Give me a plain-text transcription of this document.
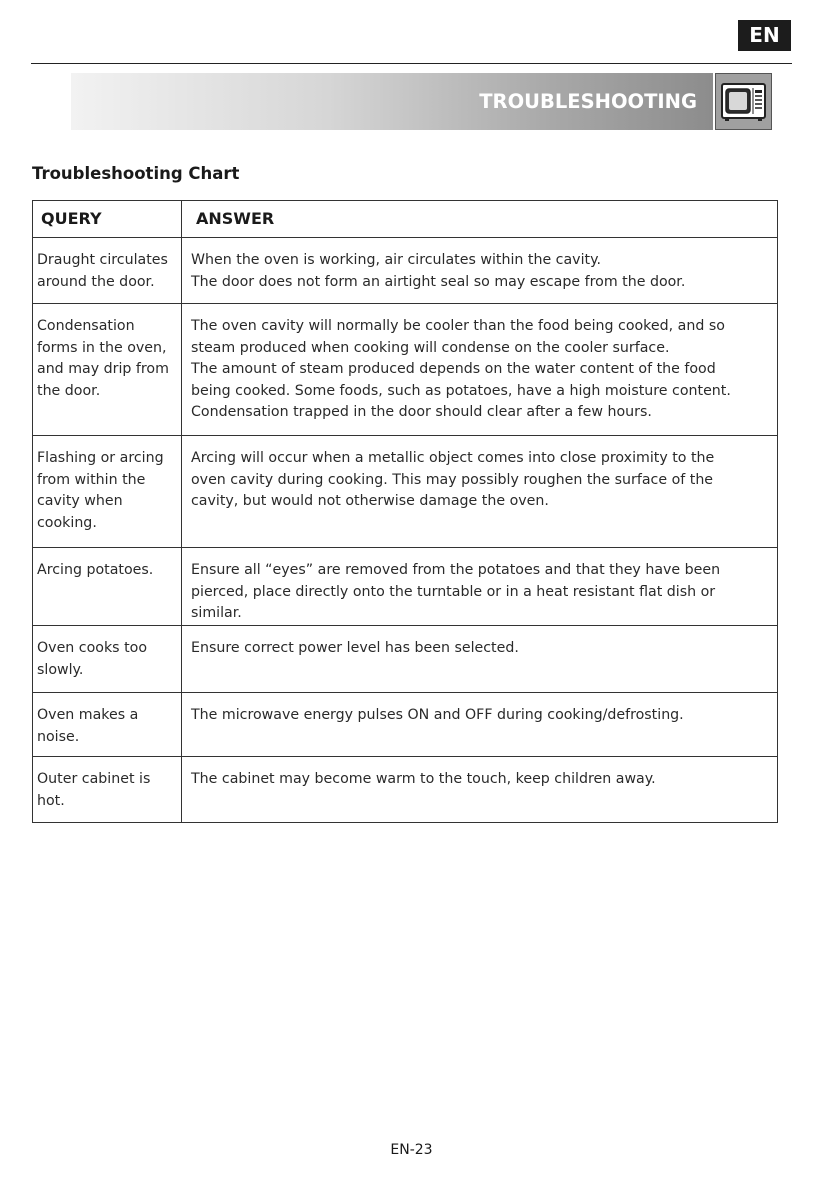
EN
TROUBLESHOOTING
Troubleshooting Chart
QUERY	ANSWER
Draught circulates around the door.	When the oven is working, air circulates within the cavity.
The door does not form an airtight seal so may escape from the door.

Condensation forms in the oven, and may drip from the door.	The oven cavity will normally be cooler than the food being cooked, and so
steam produced when cooking will condense on the cooler surface.
The amount of steam produced depends on the water content of the food
being cooked. Some foods, such as potatoes, have a high moisture content.
Condensation trapped in the door should clear after a few hours.

Flashing or arcing from within the cavity when cooking.	Arcing will occur when a metallic object comes into close proximity to the
oven cavity during cooking. This may possibly roughen the surface of the
cavity, but would not otherwise damage the oven.

Arcing potatoes.	Ensure all “eyes” are removed from the potatoes and that they have been
pierced, place directly onto the turntable or in a heat resistant flat dish or
similar.

Oven cooks too slowly.	Ensure correct power level has been selected.

Oven makes a noise.	The microwave energy pulses ON and OFF during cooking/defrosting.

Outer cabinet is hot.	The cabinet may become warm to the touch, keep children away.
EN-23
